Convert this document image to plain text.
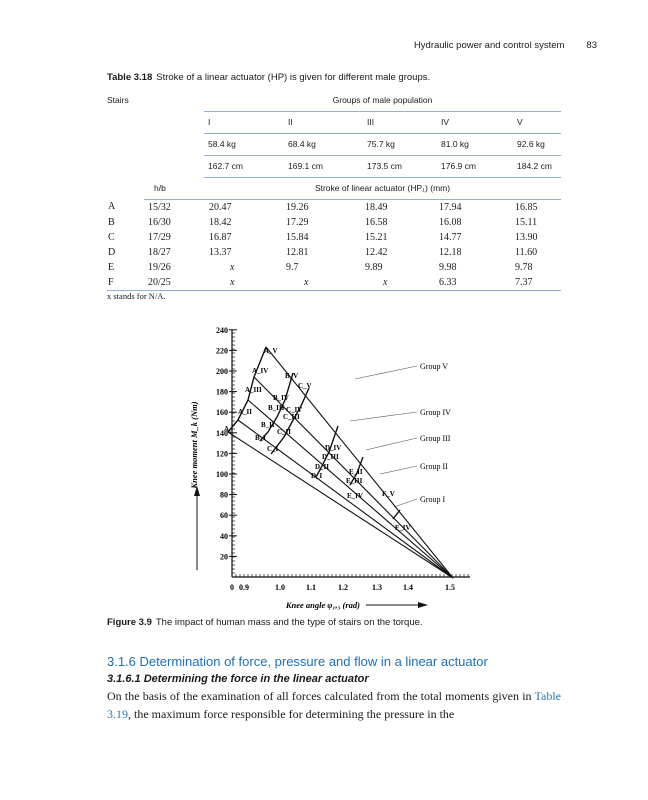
Hydraulic power and control system 83
Table 3.18 Stroke of a linear actuator (HP) is given for different male groups.
Stairs		Groups of male population				
		I	II	III	IV	V
		58.4 kg	68.4 kg	75.7 kg	81.0 kg	92.6 kg
		162.7 cm	169.1 cm	173.5 cm	176.9 cm	184.2 cm
	h/b	Stroke of linear actuator (HP₁) (mm)				
A	15/32	20.47	19.26	18.49	17.94	16.85
B	16/30	18.42	17.29	16.58	16.08	15.11
C	17/29	16.87	15.84	15.21	14.77	13.90
D	18/27	13.37	12.81	12.42	12.18	11.60
E	19/26	x	9.7	9.89	9.98	9.78
F	20/25	x	x	x	6.33	7.37
x stands for N/A.
20
40
60
80
100
120
140
160
180
200
220
240
0 0.9	1.0	1.1	1.2	1.3	1.4	1.5
Knee moment M_k (Nm)
Knee angle φ₁,₃ (rad)
A₁
A_II
A_III
A_IV
A_V
B_I
B_II
B_III
B_IV
B_V
C_I
C_II
C_III
C_IV
C_V
D_I
D_II
D_III
D_IV
E_II
E_III
E_IV
F_IV
F_V
Group V
Group IV
Group III
Group II
Group I
Figure 3.9 The impact of human mass and the type of stairs on the torque.
3.1.6 Determination of force, pressure and flow in a linear actuator
3.1.6.1 Determining the force in the linear actuator
On the basis of the examination of all forces calculated from the total moments given in Table 3.19, the maximum force responsible for determining the pressure in the
